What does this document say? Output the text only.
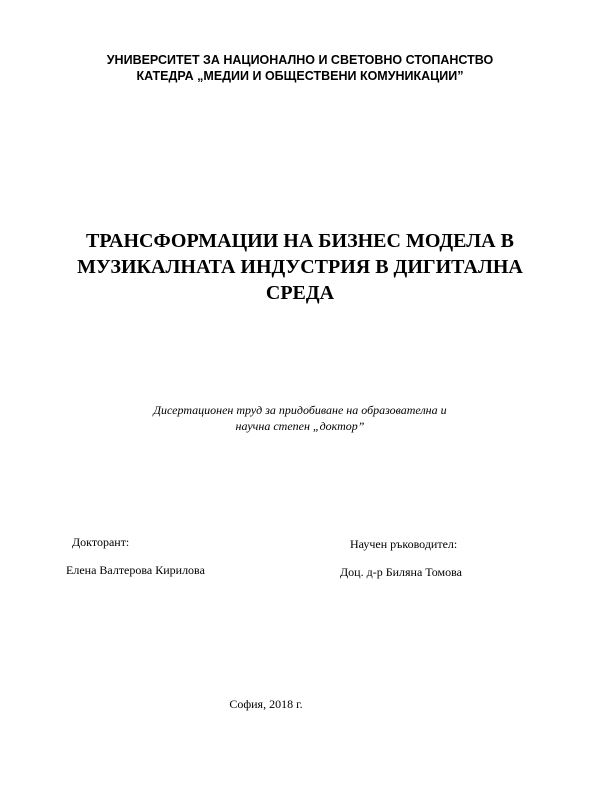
УНИВЕРСИТЕТ ЗА НАЦИОНАЛНО И СВЕТОВНО СТОПАНСТВО
КАТЕДРА „МЕДИИ И ОБЩЕСТВЕНИ КОМУНИКАЦИИ”
ТРАНСФОРМАЦИИ НА БИЗНЕС МОДЕЛА В
МУЗИКАЛНАТА ИНДУСТРИЯ В ДИГИТАЛНА
СРЕДА
Дисертационен труд за придобиване на образователна и
научна степен „доктор”
Докторант:
Елена Валтерова Кирилова
Научен ръководител:
Доц. д-р Биляна Томова
София, 2018 г.
